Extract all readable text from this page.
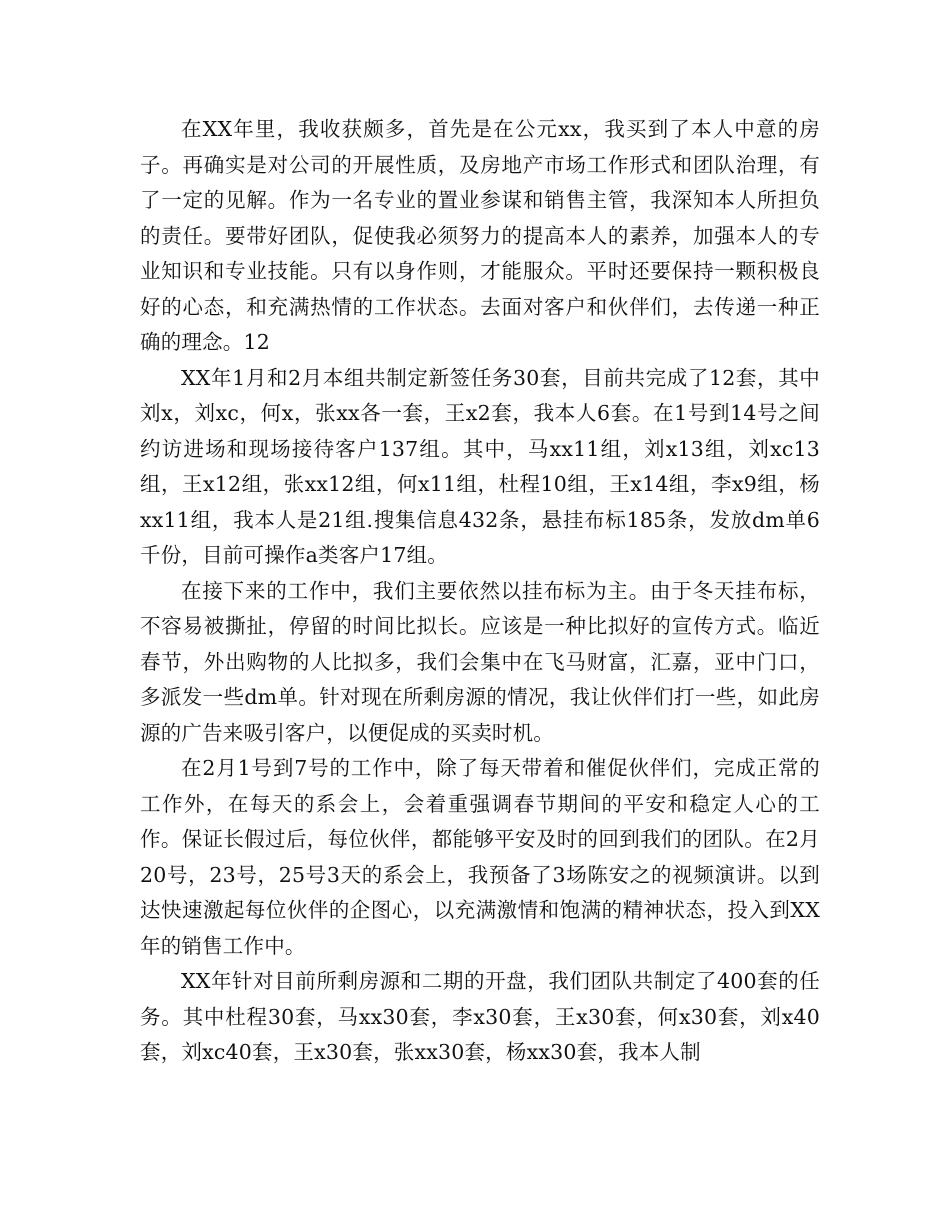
在XX年里，我收获颇多，首先是在公元xx，我买到了本人中意的房子。再确实是对公司的开展性质，及房地产市场工作形式和团队治理，有了一定的见解。作为一名专业的置业参谋和销售主管，我深知本人所担负的责任。要带好团队，促使我必须努力的提高本人的素养，加强本人的专业知识和专业技能。只有以身作则，才能服众。平时还要保持一颗积极良好的心态，和充满热情的工作状态。去面对客户和伙伴们，去传递一种正确的理念。12

XX年1月和2月本组共制定新签任务30套，目前共完成了12套，其中刘x，刘xc，何x，张xx各一套，王x2套，我本人6套。在1号到14号之间约访进场和现场接待客户137组。其中，马xx11组，刘x13组，刘xc13组，王x12组，张xx12组，何x11组，杜程10组，王x14组，李x9组，杨xx11组，我本人是21组.搜集信息432条，悬挂布标185条，发放dm单6千份，目前可操作a类客户17组。

在接下来的工作中，我们主要依然以挂布标为主。由于冬天挂布标，不容易被撕扯，停留的时间比拟长。应该是一种比拟好的宣传方式。临近春节，外出购物的人比拟多，我们会集中在飞马财富，汇嘉，亚中门口，多派发一些dm单。针对现在所剩房源的情况，我让伙伴们打一些，如此房源的广告来吸引客户，以便促成的买卖时机。

在2月1号到7号的工作中，除了每天带着和催促伙伴们，完成正常的工作外，在每天的系会上，会着重强调春节期间的平安和稳定人心的工作。保证长假过后，每位伙伴，都能够平安及时的回到我们的团队。在2月20号，23号，25号3天的系会上，我预备了3场陈安之的视频演讲。以到达快速激起每位伙伴的企图心，以充满激情和饱满的精神状态，投入到XX年的销售工作中。

XX年针对目前所剩房源和二期的开盘，我们团队共制定了400套的任务。其中杜程30套，马xx30套，李x30套，王x30套，何x30套，刘x40套，刘xc40套，王x30套，张xx30套，杨xx30套，我本人制
